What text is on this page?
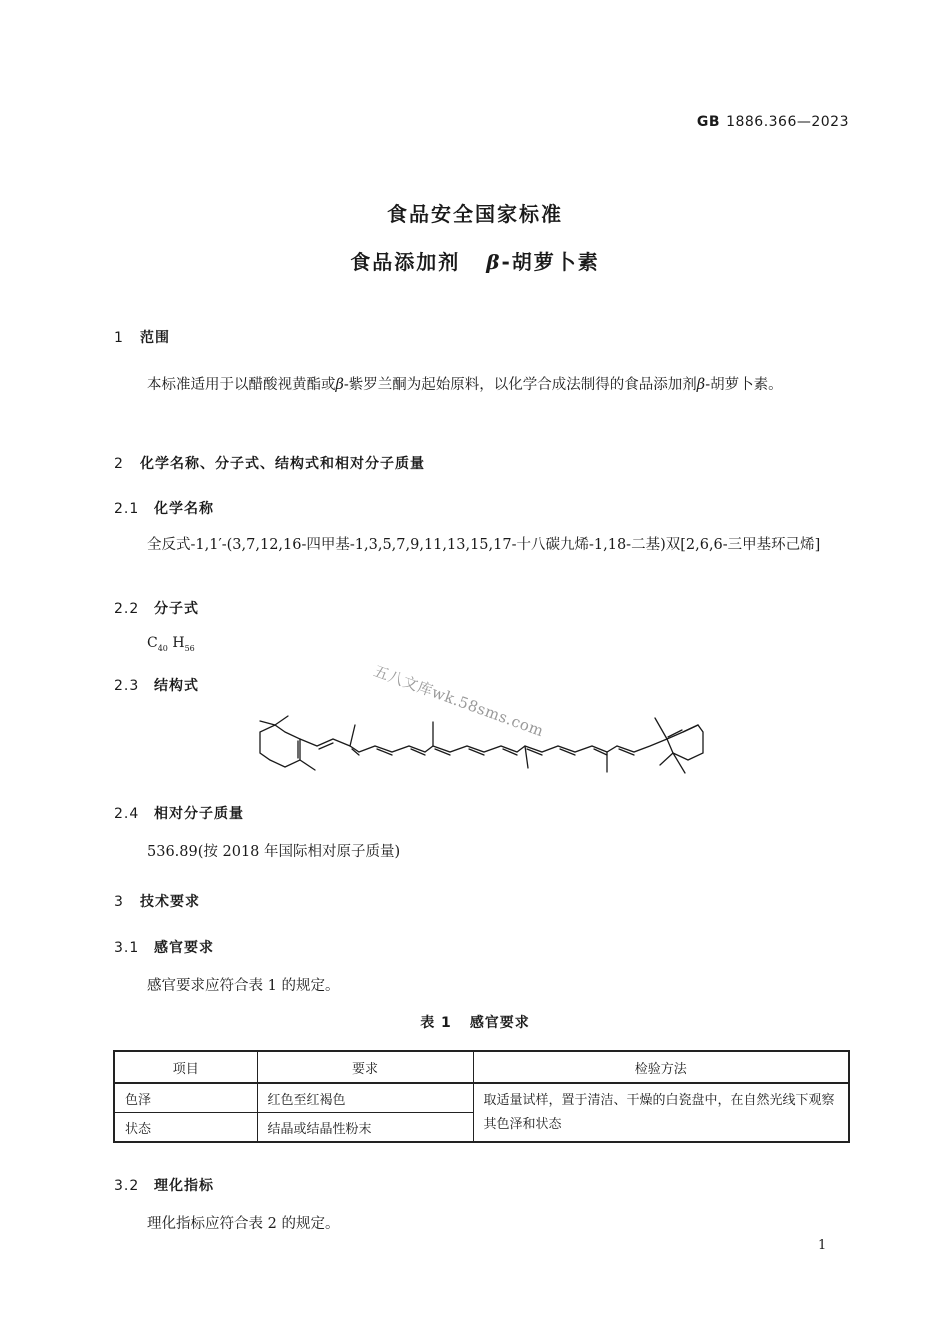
GB 1886.366—2023
食品安全国家标准
食品添加剂 β-胡萝卜素
1 范围
本标准适用于以醋酸视黄酯或β-紫罗兰酮为起始原料，以化学合成法制得的食品添加剂β-胡萝卜素。
2 化学名称、分子式、结构式和相对分子质量
2.1 化学名称
全反式-1,1′-(3,7,12,16-四甲基-1,3,5,7,9,11,13,15,17-十八碳九烯-1,18-二基)双[2,6,6-三甲基环己烯]
2.2 分子式
$C_{40}$ $H_{56}$
五八文库wk.58sms.com
2.3 结构式
2.4 相对分子质量
536.89(按 2018 年国际相对原子质量)
3 技术要求
3.1 感官要求
感官要求应符合表 1 的规定。
表 1 感官要求
项目	要求	检验方法
色泽	红色至红褐色	取适量试样，置于清洁、干燥的白瓷盘中，在自然光线下观察其色泽和状态
状态	结晶或结晶性粉末	
3.2 理化指标
理化指标应符合表 2 的规定。
1
